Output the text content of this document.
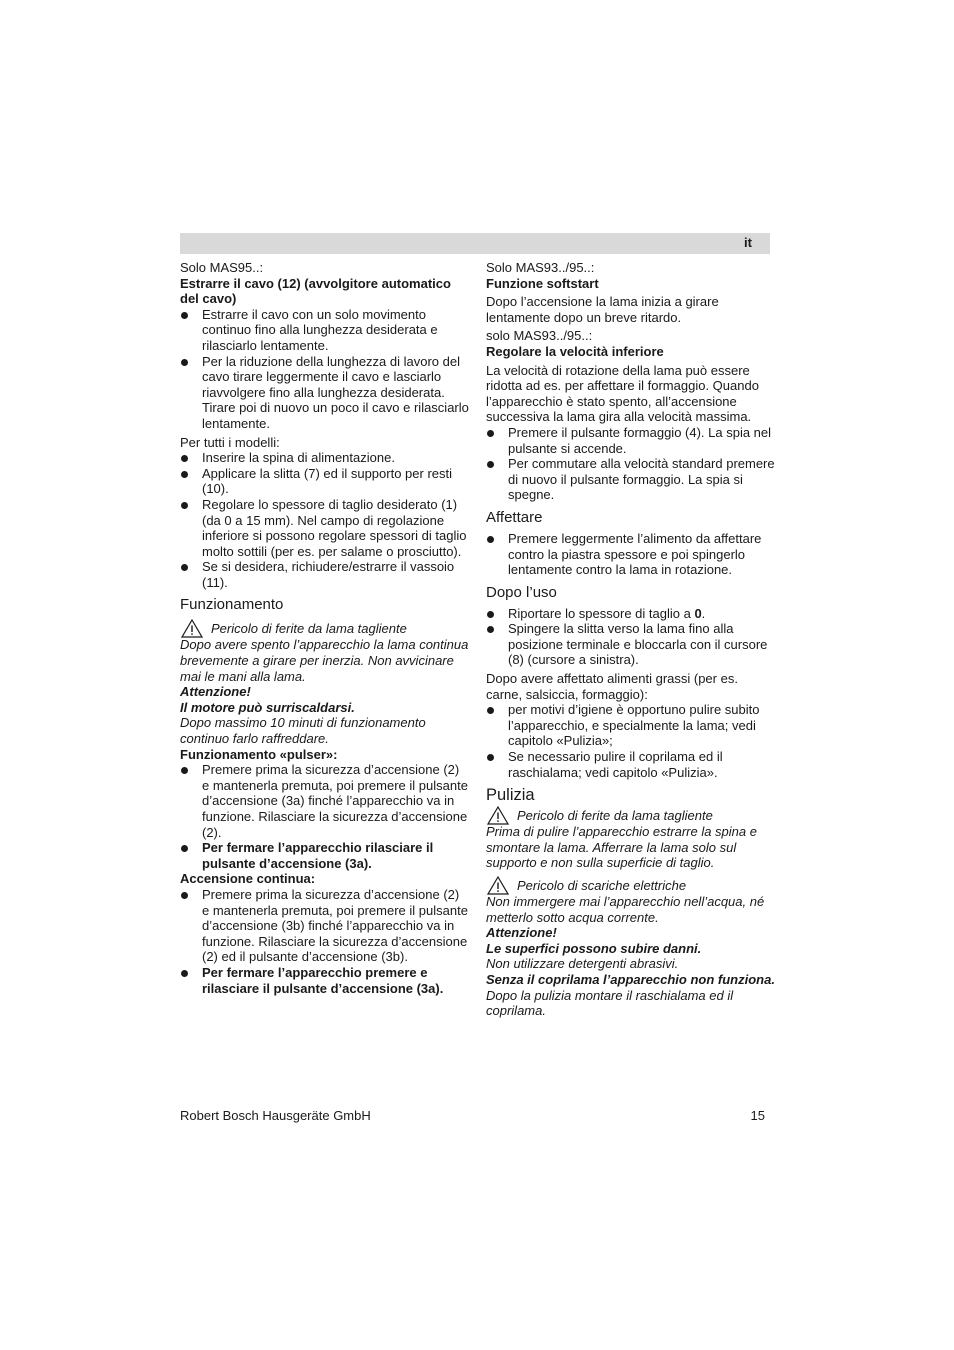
it

Solo MAS95..:

Estrarre il cavo (12) (avvolgitore automatico del cavo)

Estrarre il cavo con un solo movimento continuo fino alla lunghezza desiderata e rilasciarlo lentamente.
Per la riduzione della lunghezza di lavoro del cavo tirare leggermente il cavo e lasciarlo riavvolgere fino alla lunghezza desiderata. Tirare poi di nuovo un poco il cavo e rilasciarlo lentamente.

Per tutti i modelli:

Inserire la spina di alimentazione.
Applicare la slitta (7) ed il supporto per resti (10).
Regolare lo spessore di taglio desiderato (1) (da 0 a 15 mm). Nel campo di regolazione inferiore si possono regolare spessori di taglio molto sottili (per es. per salame o prosciutto).
Se si desidera, richiudere/estrarre il vassoio (11).
Funzionamento
Pericolo di ferite da lama tagliente

Dopo avere spento l’apparecchio la lama continua brevemente a girare per inerzia. Non avvicinare mai le mani alla lama.

Attenzione!

Il motore può surriscaldarsi.

Dopo massimo 10 minuti di funzionamento continuo farlo raffreddare.

Funzionamento «pulser»:

Premere prima la sicurezza d’accensione (2) e mantenerla premuta, poi premere il pulsante d’accensione (3a) finché l’apparecchio va in funzione. Rilasciare la sicurezza d’accensione (2).
Per fermare l’apparecchio rilasciare il pulsante d’accensione (3a).

Accensione continua:

Premere prima la sicurezza d’accensione (2) e mantenerla premuta, poi premere il pulsante d’accensione (3b) finché l’apparecchio va in funzione. Rilasciare la sicurezza d’accensione (2) ed il pulsante d’accensione (3b).
Per fermare l’apparecchio premere e rilasciare il pulsante d’accensione (3a).

Solo MAS93../95..:

Funzione softstart

Dopo l’accensione la lama inizia a girare lentamente dopo un breve ritardo.

solo MAS93../95..:

Regolare la velocità inferiore

La velocità di rotazione della lama può essere ridotta ad es. per affettare il formaggio. Quando l’apparecchio è stato spento, all’accensione successiva la lama gira alla velocità massima.

Premere il pulsante formaggio (4). La spia nel pulsante si accende.
Per commutare alla velocità standard premere di nuovo il pulsante formaggio. La spia si spegne.
Affettare
Premere leggermente l’alimento da affettare contro la piastra spessore e poi spingerlo lentamente contro la lama in rotazione.
Dopo l’uso
Riportare lo spessore di taglio a 0.
Spingere la slitta verso la lama fino alla posizione terminale e bloccarla con il cursore (8) (cursore a sinistra).

Dopo avere affettato alimenti grassi (per es. carne, salsiccia, formaggio):

per motivi d’igiene è opportuno pulire subito l’apparecchio, e specialmente la lama; vedi capitolo «Pulizia»;
Se necessario pulire il coprilama ed il raschialama; vedi capitolo «Pulizia».
Pulizia
Pericolo di ferite da lama tagliente

Prima di pulire l’apparecchio estrarre la spina e smontare la lama. Afferrare la lama solo sul supporto e non sulla superficie di taglio.

Pericolo di scariche elettriche

Non immergere mai l’apparecchio nell’acqua, né metterlo sotto acqua corrente.

Attenzione!

Le superfici possono subire danni.

Non utilizzare detergenti abrasivi.

Senza il coprilama l’apparecchio non funziona.

Dopo la pulizia montare il raschialama ed il coprilama.

Robert Bosch Hausgeräte GmbH	15
